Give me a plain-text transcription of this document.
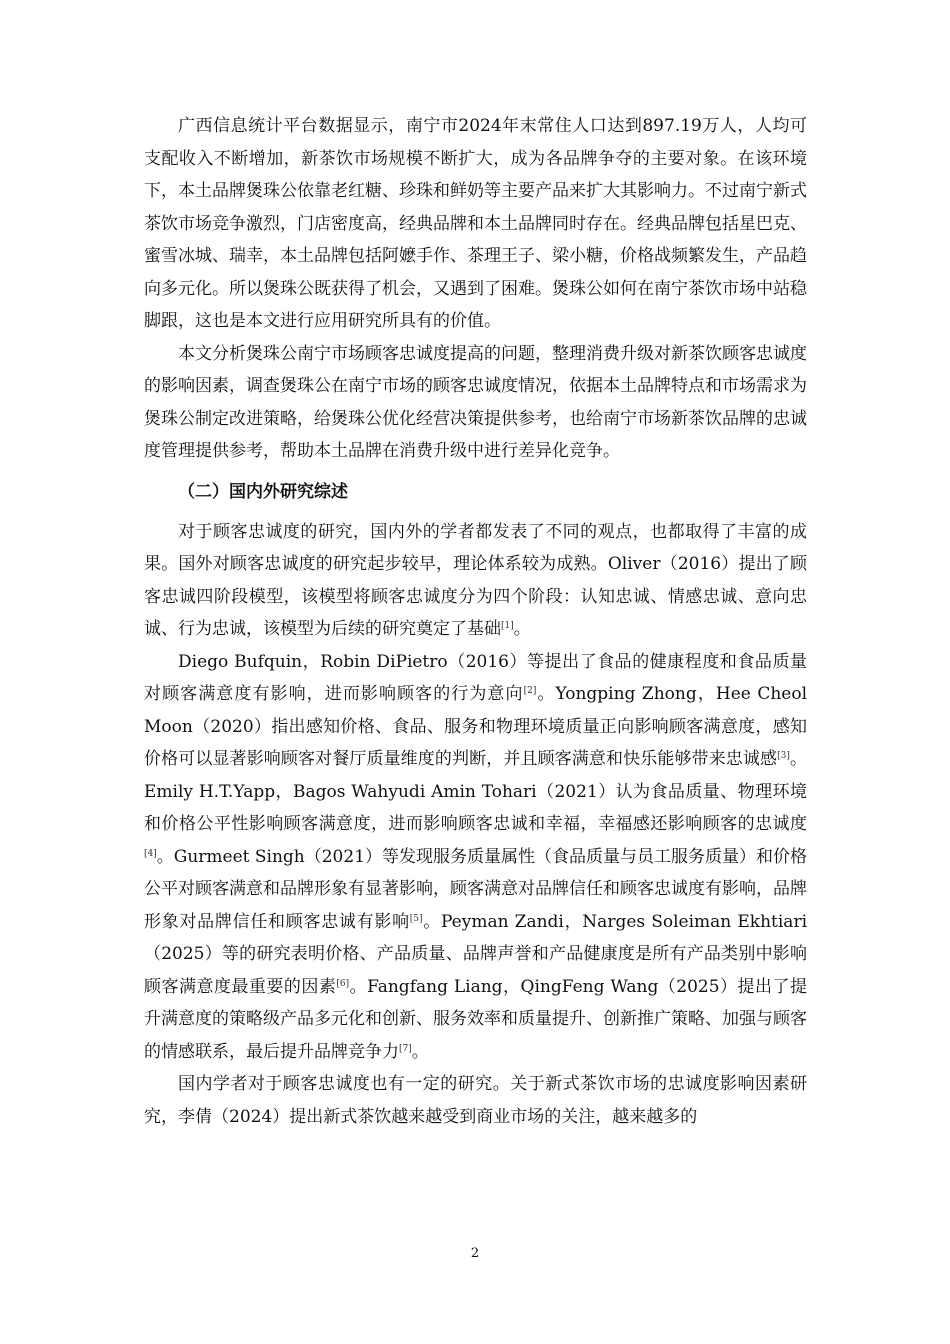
广西信息统计平台数据显示，南宁市2024年末常住人口达到897.19万人，人均可支配收入不断增加，新茶饮市场规模不断扩大，成为各品牌争夺的主要对象。在该环境下，本土品牌煲珠公依靠老红糖、珍珠和鲜奶等主要产品来扩大其影响力。不过南宁新式茶饮市场竞争激烈，门店密度高，经典品牌和本土品牌同时存在。经典品牌包括星巴克、蜜雪冰城、瑞幸，本土品牌包括阿嬷手作、茶理王子、梁小糖，价格战频繁发生，产品趋向多元化。所以煲珠公既获得了机会，又遇到了困难。煲珠公如何在南宁茶饮市场中站稳脚跟，这也是本文进行应用研究所具有的价值。

本文分析煲珠公南宁市场顾客忠诚度提高的问题，整理消费升级对新茶饮顾客忠诚度的影响因素，调查煲珠公在南宁市场的顾客忠诚度情况，依据本土品牌特点和市场需求为煲珠公制定改进策略，给煲珠公优化经营决策提供参考，也给南宁市场新茶饮品牌的忠诚度管理提供参考，帮助本土品牌在消费升级中进行差异化竞争。

（二）国内外研究综述

对于顾客忠诚度的研究，国内外的学者都发表了不同的观点，也都取得了丰富的成果。国外对顾客忠诚度的研究起步较早，理论体系较为成熟。Oliver（2016）提出了顾客忠诚四阶段模型，该模型将顾客忠诚度分为四个阶段：认知忠诚、情感忠诚、意向忠诚、行为忠诚，该模型为后续的研究奠定了基础[1]。

Diego Bufquin，Robin DiPietro（2016）等提出了食品的健康程度和食品质量对顾客满意度有影响，进而影响顾客的行为意向[2]。Yongping Zhong，Hee Cheol Moon（2020）指出感知价格、食品、服务和物理环境质量正向影响顾客满意度，感知价格可以显著影响顾客对餐厅质量维度的判断，并且顾客满意和快乐能够带来忠诚感[3]。Emily H.T.Yapp，Bagos Wahyudi Amin Tohari（2021）认为食品质量、物理环境和价格公平性影响顾客满意度，进而影响顾客忠诚和幸福，幸福感还影响顾客的忠诚度[4]。Gurmeet Singh（2021）等发现服务质量属性（食品质量与员工服务质量）和价格公平对顾客满意和品牌形象有显著影响，顾客满意对品牌信任和顾客忠诚度有影响，品牌形象对品牌信任和顾客忠诚有影响[5]。Peyman Zandi，Narges Soleiman Ekhtiari（2025）等的研究表明价格、产品质量、品牌声誉和产品健康度是所有产品类别中影响顾客满意度最重要的因素[6]。Fangfang Liang，QingFeng Wang（2025）提出了提升满意度的策略级产品多元化和创新、服务效率和质量提升、创新推广策略、加强与顾客的情感联系，最后提升品牌竞争力[7]。

国内学者对于顾客忠诚度也有一定的研究。关于新式茶饮市场的忠诚度影响因素研究，李倩（2024）提出新式茶饮越来越受到商业市场的关注，越来越多的

2
